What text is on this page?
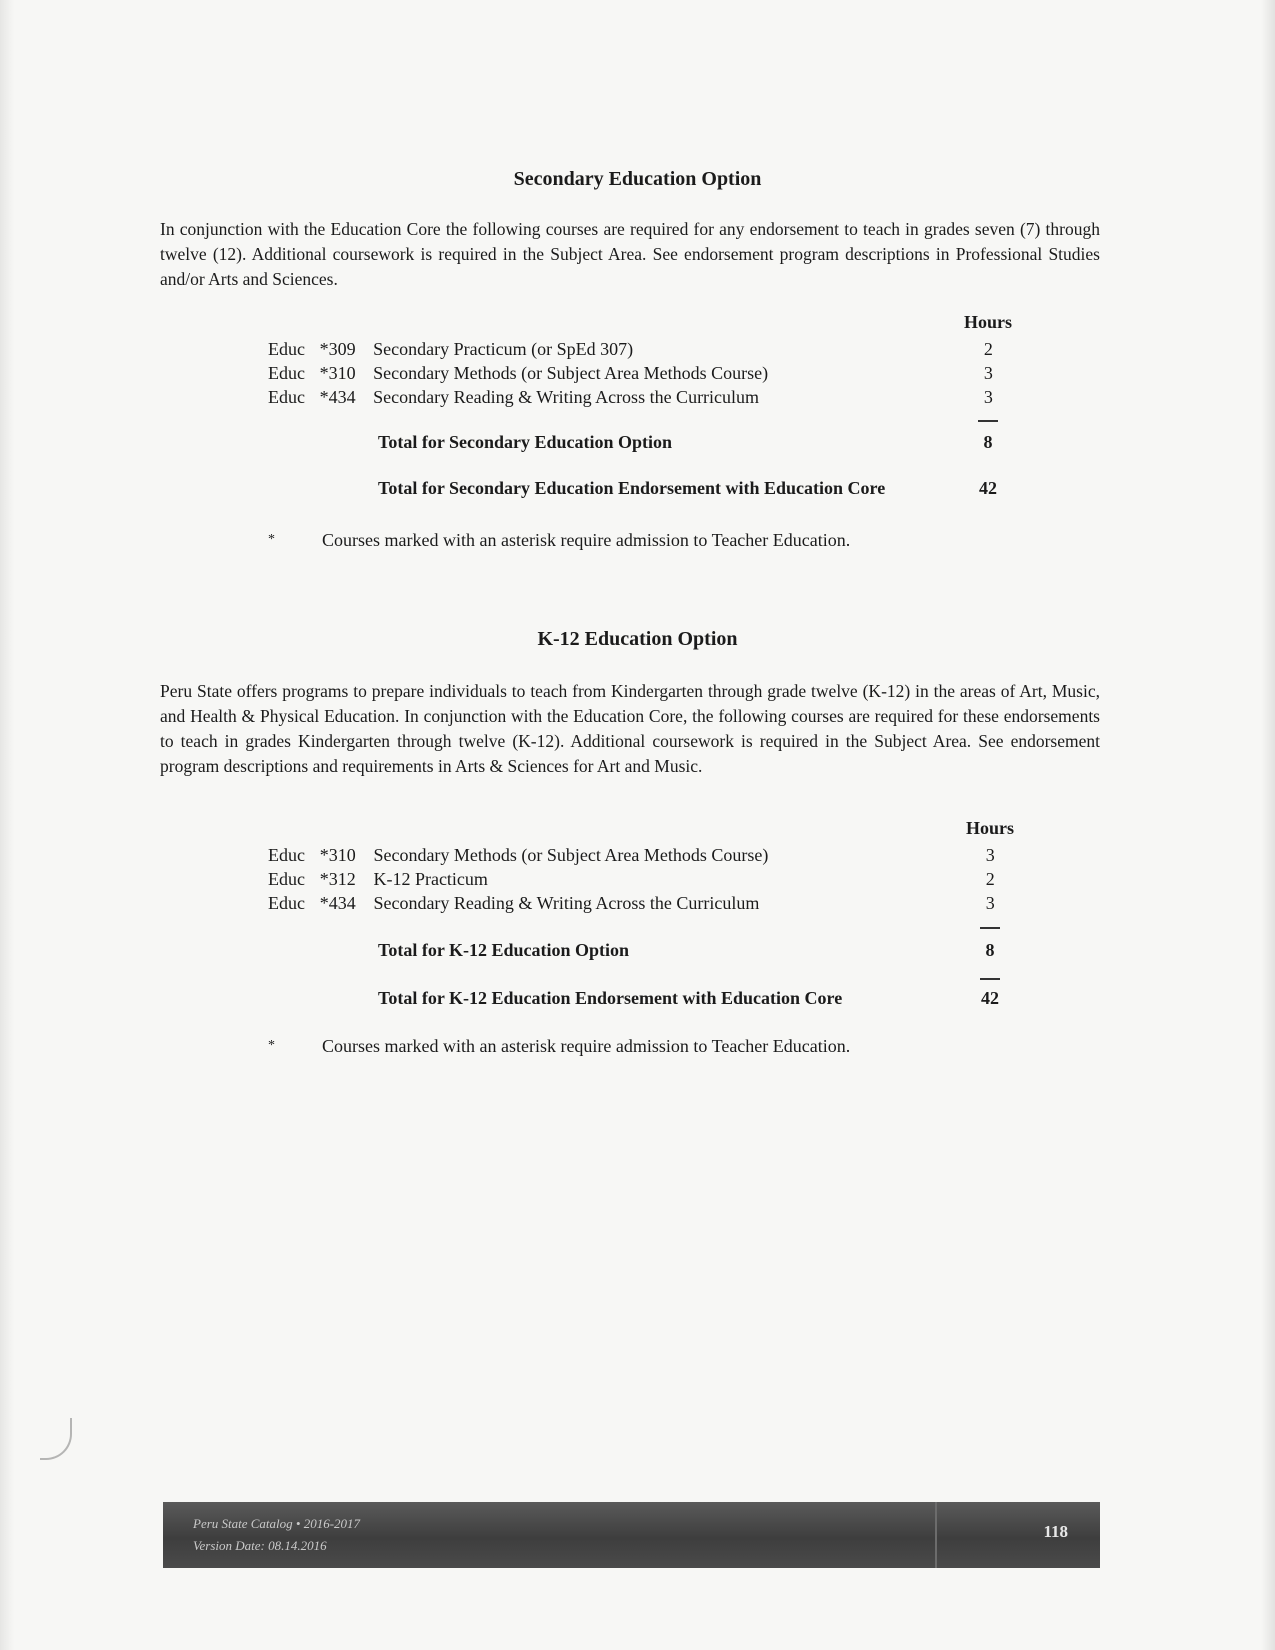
Secondary Education Option

In conjunction with the Education Core the following courses are required for any endorsement to teach in grades seven (7) through twelve (12). Additional coursework is required in the Subject Area. See endorsement program descriptions in Professional Studies and/or Arts and Sciences.

Hours
Educ *309 Secondary Practicum (or SpEd 307)	2
Educ *310 Secondary Methods (or Subject Area Methods Course)	3
Educ *434 Secondary Reading & Writing Across the Curriculum	3
Total for Secondary Education Option	8
Total for Secondary Education Endorsement with Education Core	42
*	Courses marked with an asterisk require admission to Teacher Education.
K-12 Education Option

Peru State offers programs to prepare individuals to teach from Kindergarten through grade twelve (K-12) in the areas of Art, Music, and Health & Physical Education. In conjunction with the Education Core, the following courses are required for these endorsements to teach in grades Kindergarten through twelve (K-12). Additional coursework is required in the Subject Area. See endorsement program descriptions and requirements in Arts & Sciences for Art and Music.

Hours
Educ *310 Secondary Methods (or Subject Area Methods Course)	3
Educ *312 K-12 Practicum	2
Educ *434 Secondary Reading & Writing Across the Curriculum	3
Total for K-12 Education Option	8
Total for K-12 Education Endorsement with Education Core	42
*	Courses marked with an asterisk require admission to Teacher Education.
Peru State Catalog • 2016-2017
Version Date: 08.14.2016
118
